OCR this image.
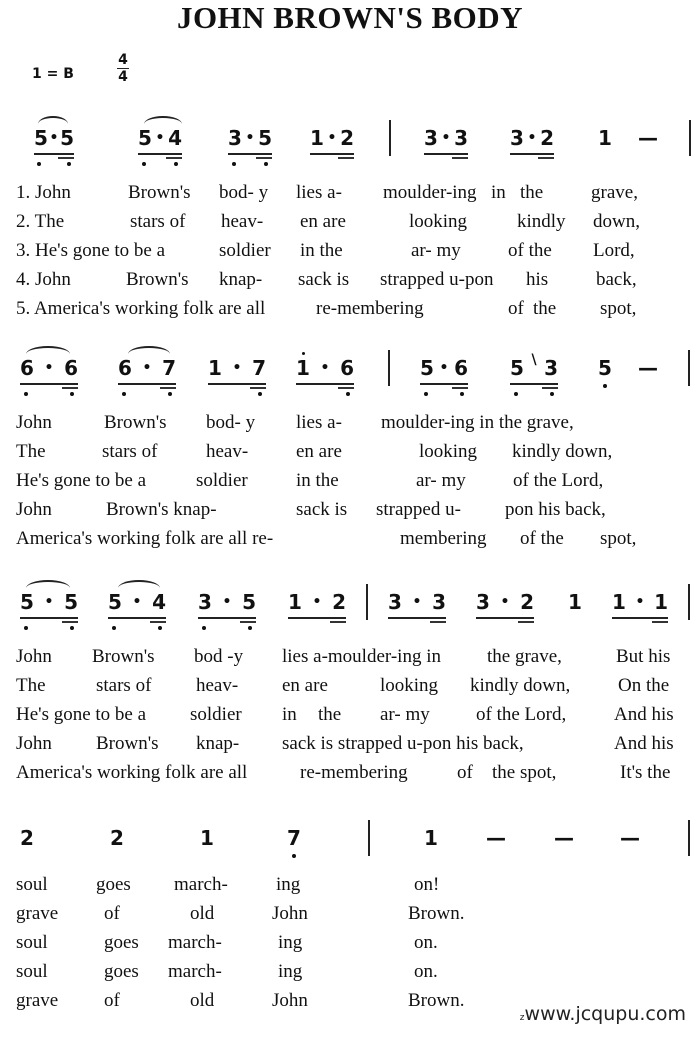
JOHN BROWN'S BODY
1 = B
4
4
5 • 5	5 • 4 3 • 5 1 • 2	3 • 3 3 • 2 1 —
1. John	Brown's bod- y lies a- moulder-ing in the	grave,
2. The	stars of heav- en are	looking	kindly down,
3. He's gone to be a	soldier in the	ar- my of the Lord,
4. John	Brown's knap- sack is strapped u-pon his	back,
5. America's working folk are all	re-membering	of the spot,
6 • 6 6 • 7 1 • 7 1 • 6	5 • 6 5 \ 3 5 —
John	Brown's bod- y lies a- moulder-ing in the grave,
The	stars of	heav-	en are	looking kindly down,
He's gone to be a	soldier	in the	ar- my of the Lord,
John	Brown's knap-	sack is strapped u- pon his back,
America's working folk are all re-	membering of the spot,
5 • 5 5 • 4 3 • 5 1 • 2 3 • 3 3 • 2 1 1 • 1
John Brown's bod -y lies a-moulder-ing in the grave,	But his
The	stars of heav- en are	looking kindly down,	On the
He's gone to be a soldier in the ar- my of the Lord,	And his
John Brown's knap- sack is strapped u-pon his back,	And his
America's working folk are all	re-membering	of the spot,	It's the
2	2	1	7	1 — — —
soul	goes march-	ing	on!
grave of	old	John	Brown.
soul	goes march-	ing	on.
soul	goes march-	ing	on.
grave of	old	John	Brown.
zwww.jcqupu.com
